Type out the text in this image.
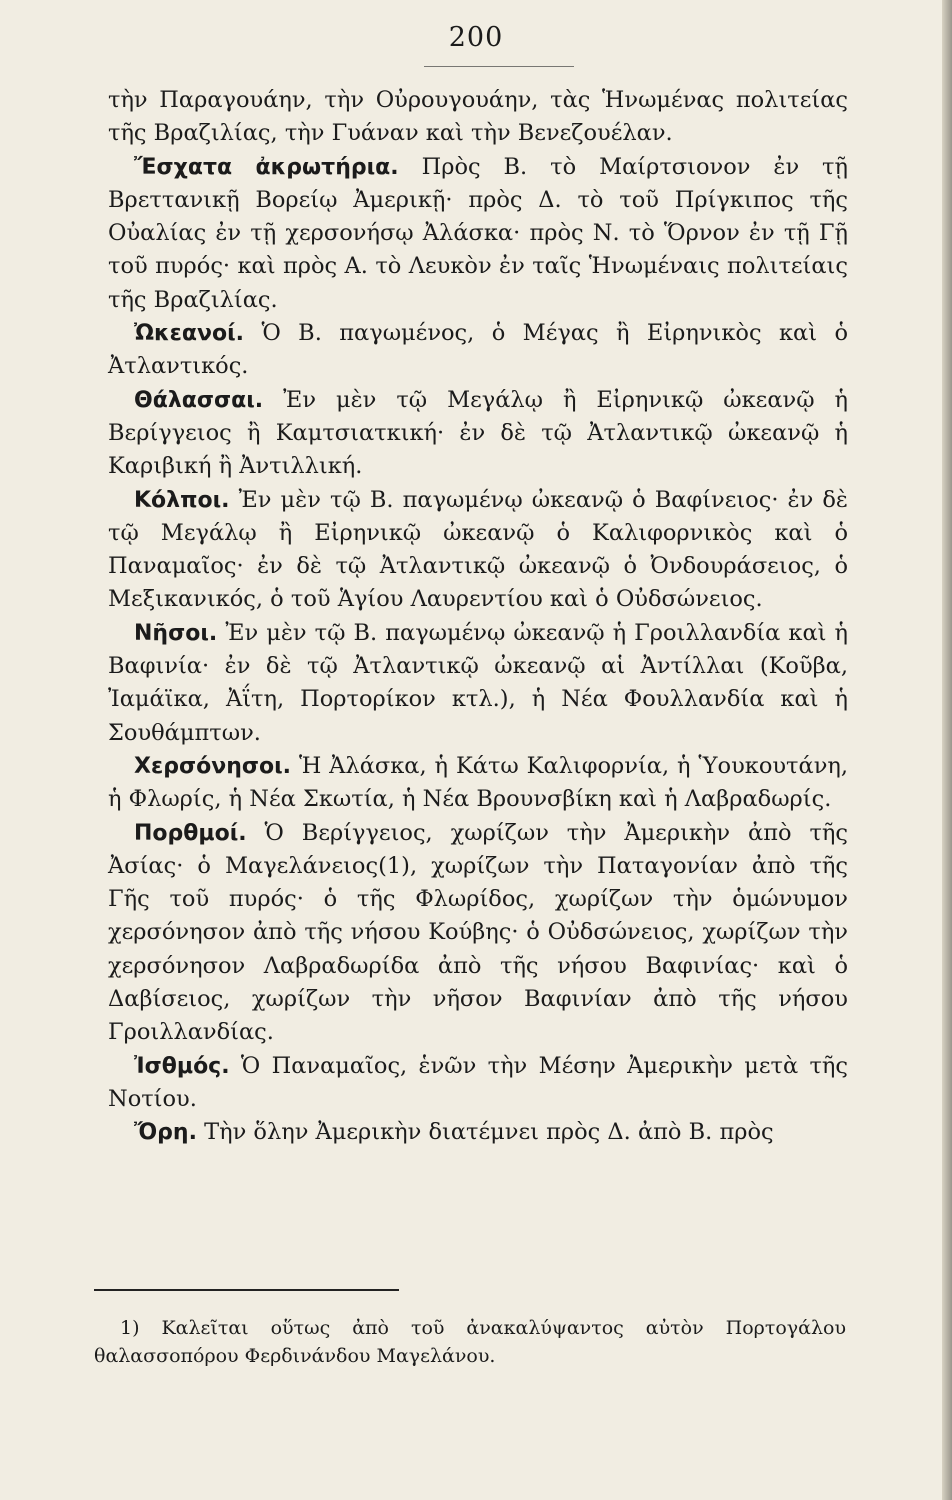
200

τὴν Παραγουάην, τὴν Οὐρουγουάην, τὰς Ἡνωμένας πολιτείας τῆς Βραζιλίας, τὴν Γυάναν καὶ τὴν Βενεζουέλαν.

Ἔσχατα ἀκρωτήρια. Πρὸς Β. τὸ Μαίρτσιονον ἐν τῇ Βρεττανικῇ Βορείῳ Ἀμερικῇ· πρὸς Δ. τὸ τοῦ Πρίγκιπος τῆς Οὐαλίας ἐν τῇ χερσονήσῳ Ἀλάσκα· πρὸς Ν. τὸ Ὅρνον ἐν τῇ Γῇ τοῦ πυρός· καὶ πρὸς Α. τὸ Λευκὸν ἐν ταῖς Ἡνωμέναις πολιτείαις τῆς Βραζιλίας.

Ὠκεανοί. Ὁ Β. παγωμένος, ὁ Μέγας ἢ Εἰρηνικὸς καὶ ὁ Ἀτλαντικός.

Θάλασσαι. Ἐν μὲν τῷ Μεγάλῳ ἢ Εἰρηνικῷ ὠκεανῷ ἡ Βερίγγειος ἢ Καμτσιατκική· ἐν δὲ τῷ Ἀτλαντικῷ ὠκεανῷ ἡ Καριβική ἢ Ἀντιλλική.

Κόλποι. Ἐν μὲν τῷ Β. παγωμένῳ ὠκεανῷ ὁ Βαφίνειος· ἐν δὲ τῷ Μεγάλῳ ἢ Εἰρηνικῷ ὠκεανῷ ὁ Καλιφορνικὸς καὶ ὁ Παναμαῖος· ἐν δὲ τῷ Ἀτλαντικῷ ὠκεανῷ ὁ Ὀνδουράσειος, ὁ Μεξικανικός, ὁ τοῦ Ἁγίου Λαυρεντίου καὶ ὁ Οὐδσώνειος.

Νῆσοι. Ἐν μὲν τῷ Β. παγωμένῳ ὠκεανῷ ἡ Γροιλλανδία καὶ ἡ Βαφινία· ἐν δὲ τῷ Ἀτλαντικῷ ὠκεανῷ αἱ Ἀντίλλαι (Κοῦβα, Ἰαμάϊκα, Ἀΐτη, Πορτορίκον κτλ.), ἡ Νέα Φουλλανδία καὶ ἡ Σουθάμπτων.

Χερσόνησοι. Ἡ Ἀλάσκα, ἡ Κάτω Καλιφορνία, ἡ Ὑουκουτάνη, ἡ Φλωρίς, ἡ Νέα Σκωτία, ἡ Νέα Βρουνσβίκη καὶ ἡ Λαβραδωρίς.

Πορθμοί. Ὁ Βερίγγειος, χωρίζων τὴν Ἀμερικὴν ἀπὸ τῆς Ἀσίας· ὁ Μαγελάνειος(1), χωρίζων τὴν Παταγονίαν ἀπὸ τῆς Γῆς τοῦ πυρός· ὁ τῆς Φλωρίδος, χωρίζων τὴν ὁμώνυμον χερσόνησον ἀπὸ τῆς νήσου Κούβης· ὁ Οὐδσώνειος, χωρίζων τὴν χερσόνησον Λαβραδωρίδα ἀπὸ τῆς νήσου Βαφινίας· καὶ ὁ Δαβίσειος, χωρίζων τὴν νῆσον Βαφινίαν ἀπὸ τῆς νήσου Γροιλλανδίας.

Ἰσθμός. Ὁ Παναμαῖος, ἑνῶν τὴν Μέσην Ἀμερικὴν μετὰ τῆς Νοτίου.

Ὄρη. Τὴν ὅλην Ἀμερικὴν διατέμνει πρὸς Δ. ἀπὸ Β. πρὸς

1) Καλεῖται οὕτως ἀπὸ τοῦ ἀνακαλύψαντος αὐτὸν Πορτογάλου θαλασσοπόρου Φερδινάνδου Μαγελάνου.
